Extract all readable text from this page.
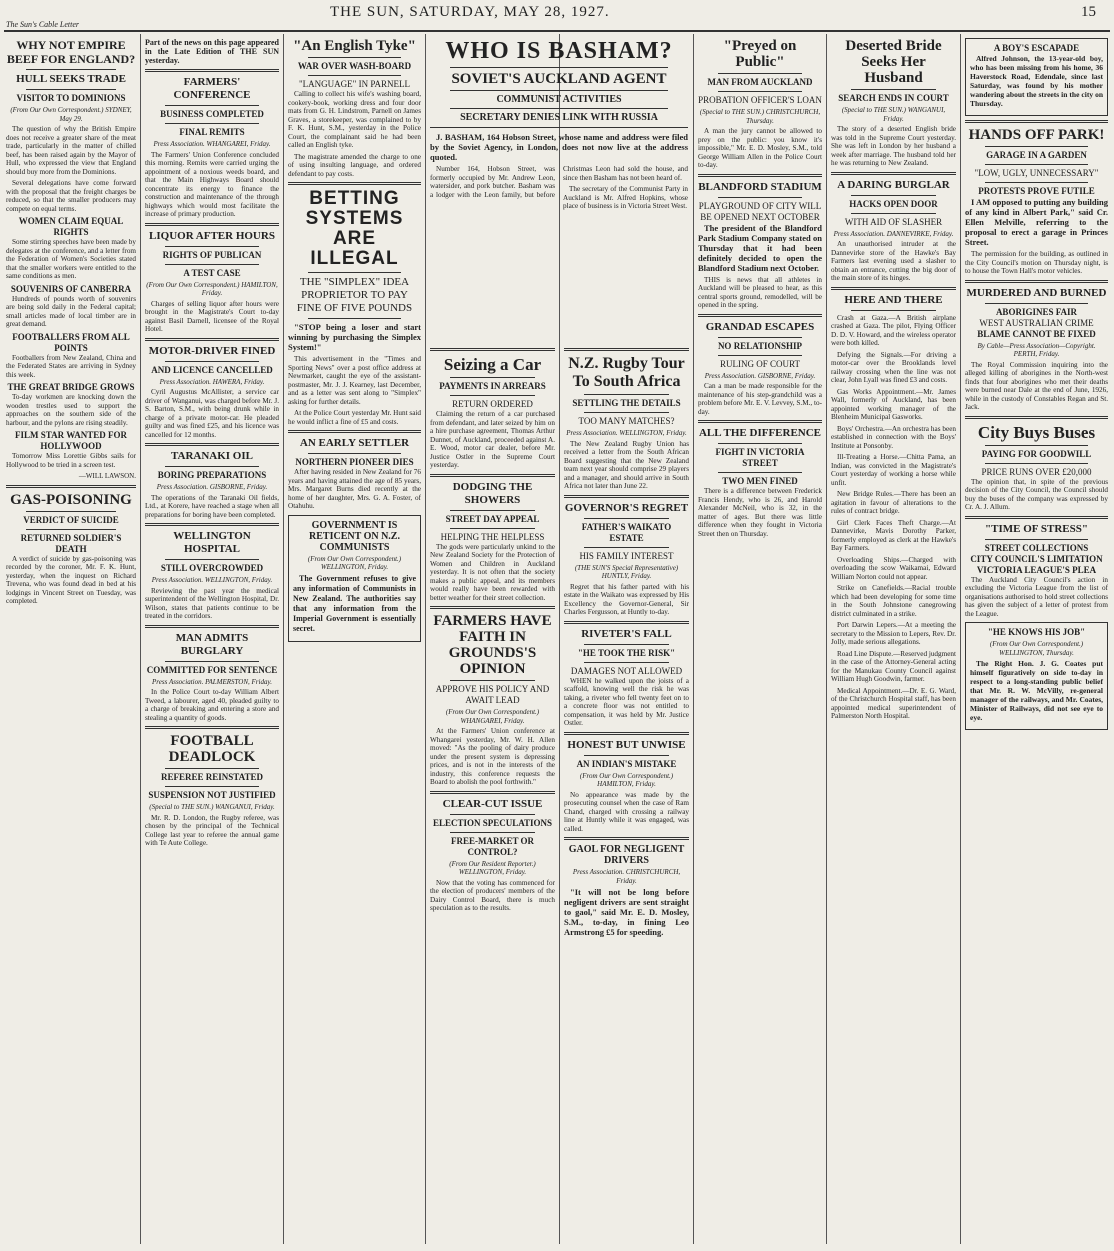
The Sun's Cable Letter
THE SUN, SATURDAY, MAY 28, 1927.	15
WHY NOT EMPIRE BEEF FOR ENGLAND?
HULL SEEKS TRADE
VISITOR TO DOMINIONS
(From Our Own Correspondent.) SYDNEY, May 29.

The question of why the British Empire does not receive a greater share of the meat trade, particularly in the matter of chilled beef, has been raised again by the Mayor of Hull, who expressed the view that England should buy more from the Dominions.

Several delegations have come forward with the proposal that the freight charges be reduced, so that the smaller producers may compete on equal terms.

WOMEN CLAIM EQUAL RIGHTS

Some stirring speeches have been made by delegates at the conference, and a letter from the Federation of Women's Societies stated that the smaller workers were entitled to the same conditions as men.

SOUVENIRS OF CANBERRA

Hundreds of pounds worth of souvenirs are being sold daily in the Federal capital; small articles made of local timber are in great demand.

FOOTBALLERS FROM ALL POINTS

Footballers from New Zealand, China and the Federated States are arriving in Sydney this week.

THE GREAT BRIDGE GROWS

To-day workmen are knocking down the wooden trestles used to support the approaches on the southern side of the harbour, and the pylons are rising steadily.

FILM STAR WANTED FOR HOLLYWOOD

Tomorrow Miss Lorettie Gibbs sails for Hollywood to be tried in a screen test.

—WILL LAWSON.
GAS-POISONING
VERDICT OF SUICIDE
RETURNED SOLDIER'S DEATH

A verdict of suicide by gas-poisoning was recorded by the coroner, Mr. F. K. Hunt, yesterday, when the inquest on Richard Trevena, who was found dead in bed at his lodgings in Vincent Street on Tuesday, was completed.

Part of the news on this page appeared in the Late Edition of THE SUN yesterday.

FARMERS' CONFERENCE
BUSINESS COMPLETED
FINAL REMITS
Press Association. WHANGAREI, Friday.

The Farmers' Union Conference concluded this morning. Remits were carried urging the appointment of a noxious weeds board, and that the Main Highways Board should concentrate its energy to finance the construction and maintenance of the through highways which would most facilitate the increase of primary production.

LIQUOR AFTER HOURS
RIGHTS OF PUBLICAN
A TEST CASE
(From Our Own Correspondent.) HAMILTON, Friday.

Charges of selling liquor after hours were brought in the Magistrate's Court to-day against Basil Darnell, licensee of the Royal Hotel.

MOTOR-DRIVER FINED
AND LICENCE CANCELLED
Press Association. HAWERA, Friday.

Cyril Augustus McAllister, a service car driver of Wanganui, was charged before Mr. J. S. Barton, S.M., with being drunk while in charge of a private motor-car. He pleaded guilty and was fined £25, and his licence was cancelled for 12 months.

TARANAKI OIL
BORING PREPARATIONS
Press Association. GISBORNE, Friday.

The operations of the Taranaki Oil fields, Ltd., at Korere, have reached a stage when all preparations for boring have been completed.

WELLINGTON HOSPITAL
STILL OVERCROWDED
Press Association. WELLINGTON, Friday.

Reviewing the past year the medical superintendent of the Wellington Hospital, Dr. Wilson, states that patients continue to be treated in the corridors.

MAN ADMITS BURGLARY
COMMITTED FOR SENTENCE
Press Association. PALMERSTON, Friday.

In the Police Court to-day William Albert Tweed, a labourer, aged 40, pleaded guilty to a charge of breaking and entering a store and stealing a quantity of goods.

FOOTBALL DEADLOCK
REFEREE REINSTATED
SUSPENSION NOT JUSTIFIED
(Special to THE SUN.) WANGANUI, Friday.

Mr. R. D. London, the Rugby referee, was chosen by the principal of the Technical College last year to referee the annual game with Te Aute College.

"An English Tyke"
WAR OVER WASH-BOARD
"LANGUAGE" IN PARNELL

Calling to collect his wife's washing board, cookery-book, working dress and four door mats from G. H. Lindstrom, Parnell on James Graves, a storekeeper, was complained to by F. K. Hunt, S.M., yesterday in the Police Court, the complainant said he had been called an English tyke.

The magistrate amended the charge to one of using insulting language, and ordered defendant to pay costs.

BETTING SYSTEMS ARE ILLEGAL
THE "SIMPLEX" IDEA PROPRIETOR TO PAY FINE OF FIVE POUNDS

"STOP being a loser and start winning by purchasing the Simplex System!"

This advertisement in the "Times and Sporting News" over a post office address at Newmarket, caught the eye of the assistant-postmaster, Mr. J. J. Kearney, last December, and as a letter was sent along to "Simplex" asking for further details.

At the Police Court yesterday Mr. Hunt said he would inflict a fine of £5 and costs.

AN EARLY SETTLER
NORTHERN PIONEER DIES

After having resided in New Zealand for 76 years and having attained the age of 85 years, Mrs. Margaret Burns died recently at the home of her daughter, Mrs. G. A. Foster, of Otahuhu.

GOVERNMENT IS RETICENT ON N.Z. COMMUNISTS
(From Our Own Correspondent.) WELLINGTON, Friday.

The Government refuses to give any information of Communists in New Zealand. The authorities say that any information from the Imperial Government is essentially secret.

WHO IS BASHAM?
SOVIET'S AUCKLAND AGENT
COMMUNIST ACTIVITIES
SECRETARY DENIES LINK WITH RUSSIA

J. BASHAM, 164 Hobson Street, whose name and address were filed by the Soviet Agency, in London, does not now live at the address quoted.

Number 164, Hobson Street, was formerly occupied by Mr. Andrew Leon, watersider, and pork butcher. Basham was a lodger with the Leon family, but before Christmas Leon had sold the house, and since then Basham has not been heard of.

The secretary of the Communist Party in Auckland is Mr. Alfred Hopkins, whose place of business is in Victoria Street West.

Seizing a Car
PAYMENTS IN ARREARS
RETURN ORDERED

Claiming the return of a car purchased from defendant, and later seized by him on a hire purchase agreement, Thomas Arthur Dunnet, of Auckland, proceeded against A. E. Wood, motor car dealer, before Mr. Justice Ostler in the Supreme Court yesterday.

DODGING THE SHOWERS
STREET DAY APPEAL
HELPING THE HELPLESS

The gods were particularly unkind to the New Zealand Society for the Protection of Women and Children in Auckland yesterday. It is not often that the society makes a public appeal, and its members would really have been rewarded with better weather for their street collection.

FARMERS HAVE FAITH IN GROUNDS'S OPINION
APPROVE HIS POLICY AND AWAIT LEAD
(From Our Own Correspondent.) WHANGAREI, Friday.

At the Farmers' Union conference at Whangarei yesterday, Mr. W. H. Allen moved: "As the pooling of dairy produce under the present system is depressing prices, and is not in the interests of the industry, this conference requests the Board to abolish the pool forthwith."

CLEAR-CUT ISSUE
ELECTION SPECULATIONS
FREE-MARKET OR CONTROL?
(From Our Resident Reporter.) WELLINGTON, Friday.

Now that the voting has commenced for the election of producers' members of the Dairy Control Board, there is much speculation as to the results.

N.Z. Rugby Tour To South Africa
SETTLING THE DETAILS
TOO MANY MATCHES?
Press Association. WELLINGTON, Friday.

The New Zealand Rugby Union has received a letter from the South African Board suggesting that the New Zealand team next year should comprise 29 players and a manager, and should arrive in South Africa not later than June 22.

GOVERNOR'S REGRET
FATHER'S WAIKATO ESTATE
HIS FAMILY INTEREST
(THE SUN'S Special Representative) HUNTLY, Friday.

Regret that his father parted with his estate in the Waikato was expressed by His Excellency the Governor-General, Sir Charles Fergusson, at Huntly to-day.

RIVETER'S FALL
"HE TOOK THE RISK"
DAMAGES NOT ALLOWED

WHEN he walked upon the joists of a scaffold, knowing well the risk he was taking, a riveter who fell twenty feet on to a concrete floor was not entitled to compensation, it was held by Mr. Justice Ostler.

HONEST BUT UNWISE
AN INDIAN'S MISTAKE
(From Our Own Correspondent.) HAMILTON, Friday.

No appearance was made by the prosecuting counsel when the case of Ram Chand, charged with crossing a railway line at Huntly while it was engaged, was called.

GAOL FOR NEGLIGENT DRIVERS
Press Association. CHRISTCHURCH, Friday.

"It will not be long before negligent drivers are sent straight to gaol," said Mr. E. D. Mosley, S.M., to-day, in fining Leo Armstrong £5 for speeding.

"Preyed on Public"
MAN FROM AUCKLAND
PROBATION OFFICER'S LOAN
(Special to THE SUN.) CHRISTCHURCH, Thursday.

A man the jury cannot be allowed to prey on the public: you know it's impossible," Mr. E. D. Mosley, S.M., told George William Allen in the Police Court to-day.

BLANDFORD STADIUM
PLAYGROUND OF CITY WILL BE OPENED NEXT OCTOBER

The president of the Blandford Park Stadium Company stated on Thursday that it had been definitely decided to open the Blandford Stadium next October.

THIS is news that all athletes in Auckland will be pleased to hear, as this central sports ground, remodelled, will be opened in the spring.

GRANDAD ESCAPES
NO RELATIONSHIP
RULING OF COURT
Press Association. GISBORNE, Friday.

Can a man be made responsible for the maintenance of his step-grandchild was a problem before Mr. E. V. Levvey, S.M., to-day.

ALL THE DIFFERENCE
FIGHT IN VICTORIA STREET
TWO MEN FINED

There is a difference between Frederick Francis Hendy, who is 26, and Harold Alexander McNeil, who is 32, in the matter of ages. But there was little difference when they fought in Victoria Street then on Thursday.

Deserted Bride Seeks Her Husband
SEARCH ENDS IN COURT
(Special to THE SUN.) WANGANUI, Friday.

The story of a deserted English bride was told in the Supreme Court yesterday. She was left in London by her husband a week after marriage. The husband told her he was returning to New Zealand.

A DARING BURGLAR
HACKS OPEN DOOR
WITH AID OF SLASHER
Press Association. DANNEVIRKE, Friday.

An unauthorised intruder at the Dannevirke store of the Hawke's Bay Farmers last evening used a slasher to obtain an entrance, cutting the big door of the main store of its hinges.

HERE AND THERE

Crash at Gaza.—A British airplane crashed at Gaza. The pilot, Flying Officer D. D. V. Howard, and the wireless operator were both killed.

Defying the Signals.—For driving a motor-car over the Brooklands level railway crossing when the line was not clear, John Lyall was fined £3 and costs.

Gas Works Appointment.—Mr. James Wall, formerly of Auckland, has been appointed working manager of the Blenheim Municipal Gasworks.

Boys' Orchestra.—An orchestra has been established in connection with the Boys' Institute at Ponsonby.

Ill-Treating a Horse.—Chitta Pama, an Indian, was convicted in the Magistrate's Court yesterday of working a horse while unfit.

New Bridge Rules.—There has been an agitation in favour of alterations to the rules of contract bridge.

Girl Clerk Faces Theft Charge.—At Dannevirke, Mavis Dorothy Parker, formerly employed as clerk at the Hawke's Bay Farmers.

Overloading Ships.—Charged with overloading the scow Waikamai, Edward William Norton could not appear.

Strike on Canefields.—Racial trouble which had been developing for some time in the South Johnstone canegrowing district culminated in a strike.

Port Darwin Lepers.—At a meeting the secretary to the Mission to Lepers, Rev. Dr. Jolly, made serious allegations.

Road Line Dispute.—Reserved judgment in the case of the Attorney-General acting for the Manukau County Council against William Hugh Goodwin, farmer.

Medical Appointment.—Dr. E. G. Ward, of the Christchurch Hospital staff, has been appointed medical superintendent of Palmerston North Hospital.

A BOY'S ESCAPADE

Alfred Johnson, the 13-year-old boy, who has been missing from his home, 36 Haverstock Road, Edendale, since last Saturday, was found by his mother wandering about the streets in the city on Thursday.

HANDS OFF PARK!
GARAGE IN A GARDEN
"LOW, UGLY, UNNECESSARY"
PROTESTS PROVE FUTILE

I AM opposed to putting any building of any kind in Albert Park," said Cr. Ellen Melville, referring to the proposal to erect a garage in Princes Street.

The permission for the building, as outlined in the City Council's motion on Thursday night, is to house the Town Hall's motor vehicles.

MURDERED AND BURNED
ABORIGINES FAIR
WEST AUSTRALIAN CRIME
BLAME CANNOT BE FIXED
By Cable—Press Association—Copyright. PERTH, Friday.

The Royal Commission inquiring into the alleged killing of aborigines in the North-west finds that four aborigines who met their deaths were burned near Dale at the end of June, 1926, while in the custody of Constables Regan and St. Jack.

City Buys Buses
PAYING FOR GOODWILL
PRICE RUNS OVER £20,000

The opinion that, in spite of the previous decision of the City Council, the Council should buy the buses of the company was expressed by Cr. A. J. Allum.

"TIME OF STRESS"
STREET COLLECTIONS
CITY COUNCIL'S LIMITATION
VICTORIA LEAGUE'S PLEA

The Auckland City Council's action in excluding the Victoria League from the list of organisations authorised to hold street collections has given the subject of a letter of protest from the League.

"HE KNOWS HIS JOB"
(From Our Own Correspondent.) WELLINGTON, Thursday.

The Right Hon. J. G. Coates put himself figuratively on side to-day in respect to a long-standing public belief that Mr. R. W. McVilly, re-general manager of the railways, and Mr. Coates, Minister of Railways, did not see eye to eye.
